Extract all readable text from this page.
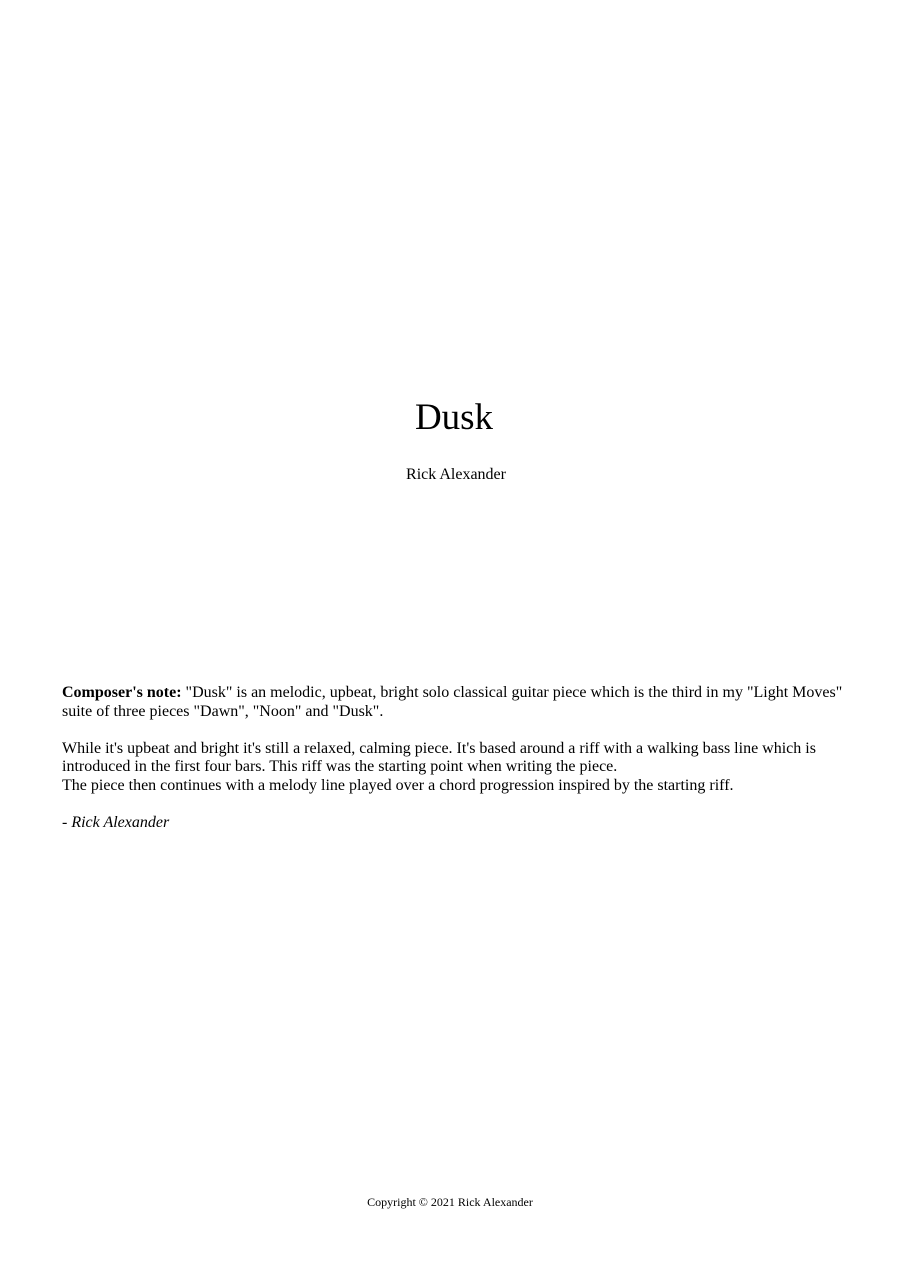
Dusk
Rick Alexander

Composer's note: "Dusk" is an melodic, upbeat, bright solo classical guitar piece which is the third in my "Light Moves" suite of three pieces "Dawn", "Noon" and "Dusk".

While it's upbeat and bright it's still a relaxed, calming piece. It's based around a riff with a walking bass line which is introduced in the first four bars. This riff was the starting point when writing the piece.

The piece then continues with a melody line played over a chord progression inspired by the starting riff.

- Rick Alexander

Copyright © 2021 Rick Alexander
